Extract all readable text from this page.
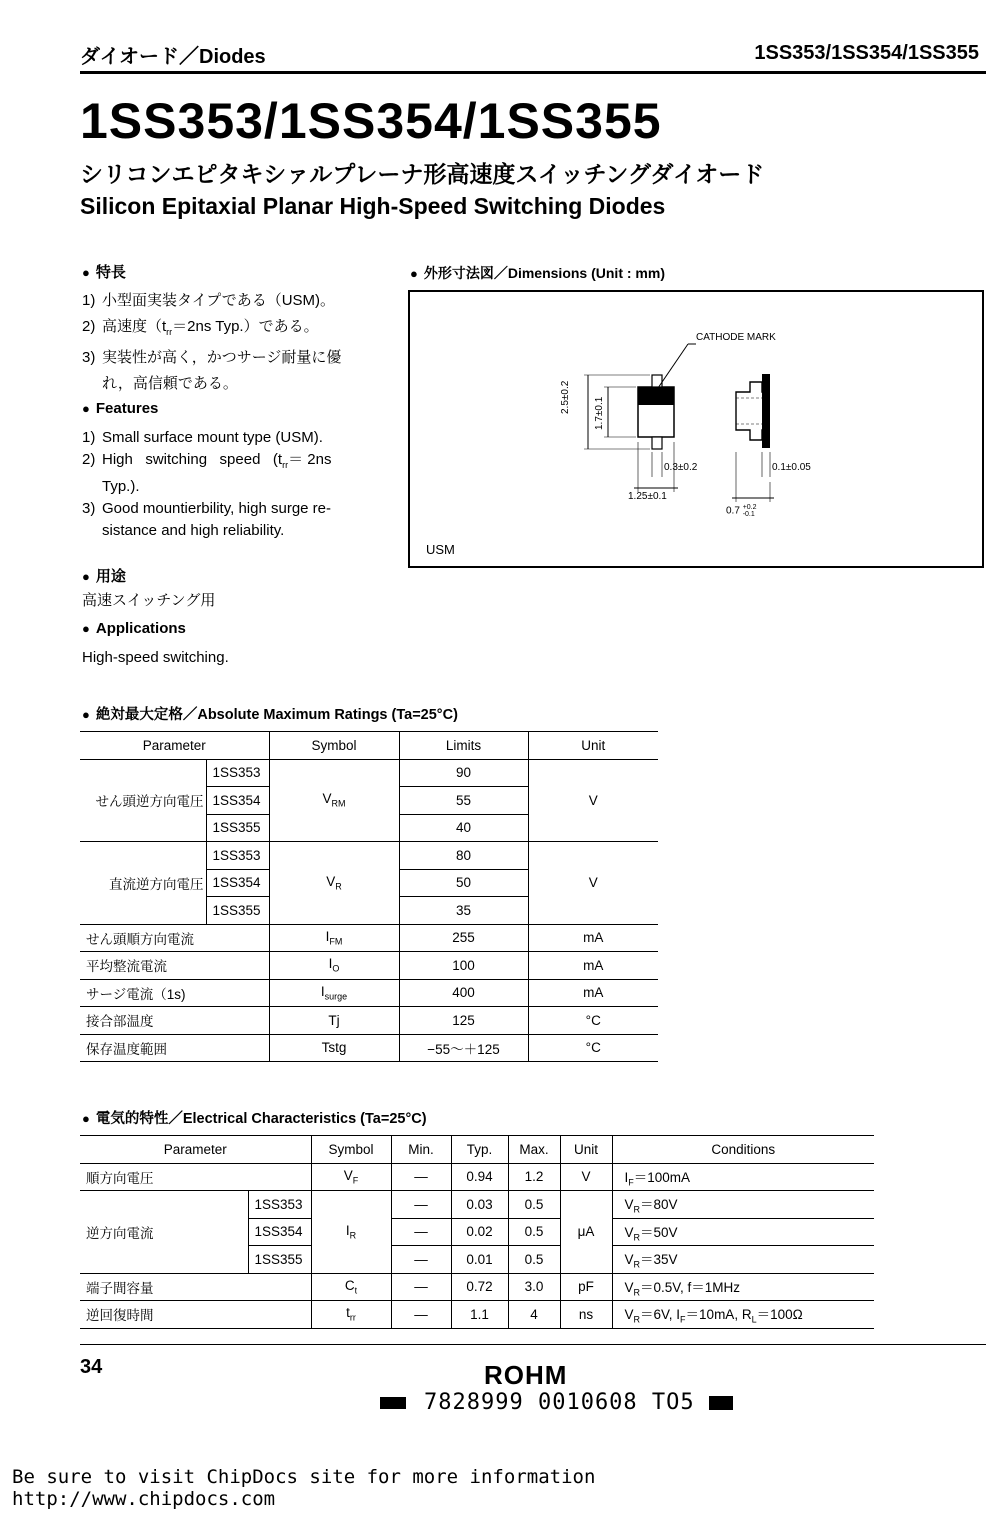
ダイオード／Diodes	1SS353/1SS354/1SS355
1SS353/1SS354/1SS355
シリコンエピタキシァルプレーナ形高速度スイッチングダイオード
Silicon Epitaxial Planar High-Speed Switching Diodes
● 特長
1) 小型面実装タイプである（USM)。
2) 高速度（$t_{rr}=2ns$ Typ.）である。
3) 実装性が高く，かつサージ耐量に優
れ，高信頼である。
● Features
1) Small surface mount type (USM).
2) High   switching   speed   ($t_{rr}= 2ns$
Typ.).
3) Good mountierbility, high surge re-
sistance and high reliability.
● 用途
高速スイッチング用
● Applications
High-speed switching.
● 外形寸法図／Dimensions (Unit : mm)
CATHODE MARK
2.5±0.2 1.7±0.1
0.3±0.2
1.25±0.1
0.1±0.05
0.7 +0.2
-0.1
USM
● 絶対最大定格／Absolute Maximum Ratings (Ta=25°C)
Parameter		Symbol	Limits	Unit
せん頭逆方向電圧	1SS353	$V_{RM}$	90	V
	1SS354		55	
	1SS355		40	
直流逆方向電圧	1SS353	$V_R$	80	V
	1SS354		50	
	1SS355		35	
せん頭順方向電流		$I_{FM}$	255	mA
平均整流電流		$I_O$	100	mA
サージ電流（1s)		$I_{surge}$	400	mA
接合部温度		Tj	125	°C
保存温度範囲		Tstg	−55～＋125	°C
● 電気的特性／Electrical Characteristics (Ta=25°C)
Parameter		Symbol	Min.	Typ.	Max.	Unit	Conditions
順方向電圧		$V_F$	—	0.94	1.2	V	$I_F=100mA$
逆方向電流	1SS353	$I_R$	—	0.03	0.5	μA	$V_R=80V$
	1SS354		—	0.02	0.5		$V_R=50V$
	1SS355		—	0.01	0.5		$V_R=35V$
端子間容量		$C_t$	—	0.72	3.0	pF	$V_R=0.5V$, f＝1MHz
逆回復時間		$t_{rr}$	—	1.1	4	ns	$V_R=6V$, $I_F=10mA$, $R_L=100\Omega$
34	ROHM
7828999 0010608 TO5
Be sure to visit ChipDocs site for more information
http://www.chipdocs.com
